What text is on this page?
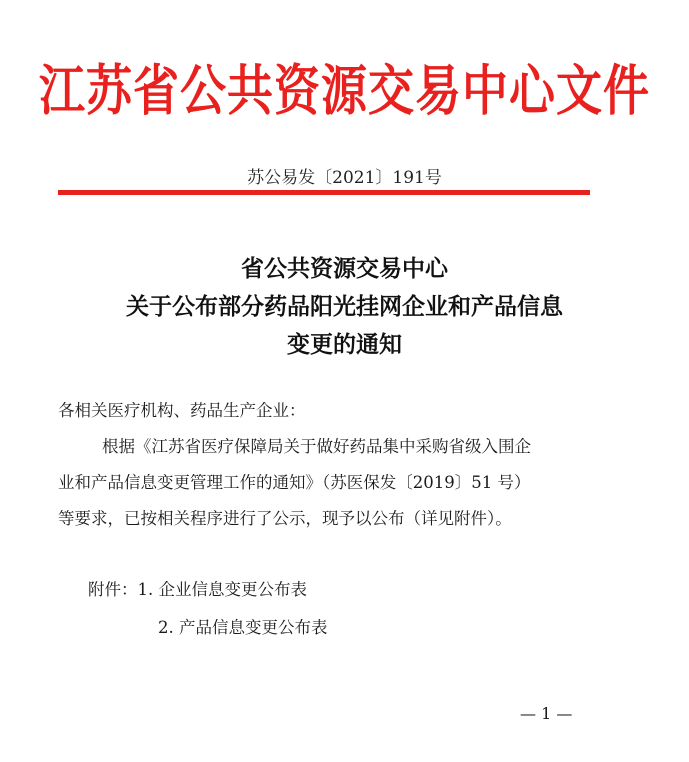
江苏省公共资源交易中心文件
苏公易发〔2021〕191号
省公共资源交易中心
关于公布部分药品阳光挂网企业和产品信息
变更的通知
各相关医疗机构、药品生产企业：
根据《江苏省医疗保障局关于做好药品集中采购省级入围企
业和产品信息变更管理工作的通知》（苏医保发〔2019〕51 号）
等要求，已按相关程序进行了公示，现予以公布（详见附件）。
附件：1. 企业信息变更公布表
2. 产品信息变更公布表
— 1 —
